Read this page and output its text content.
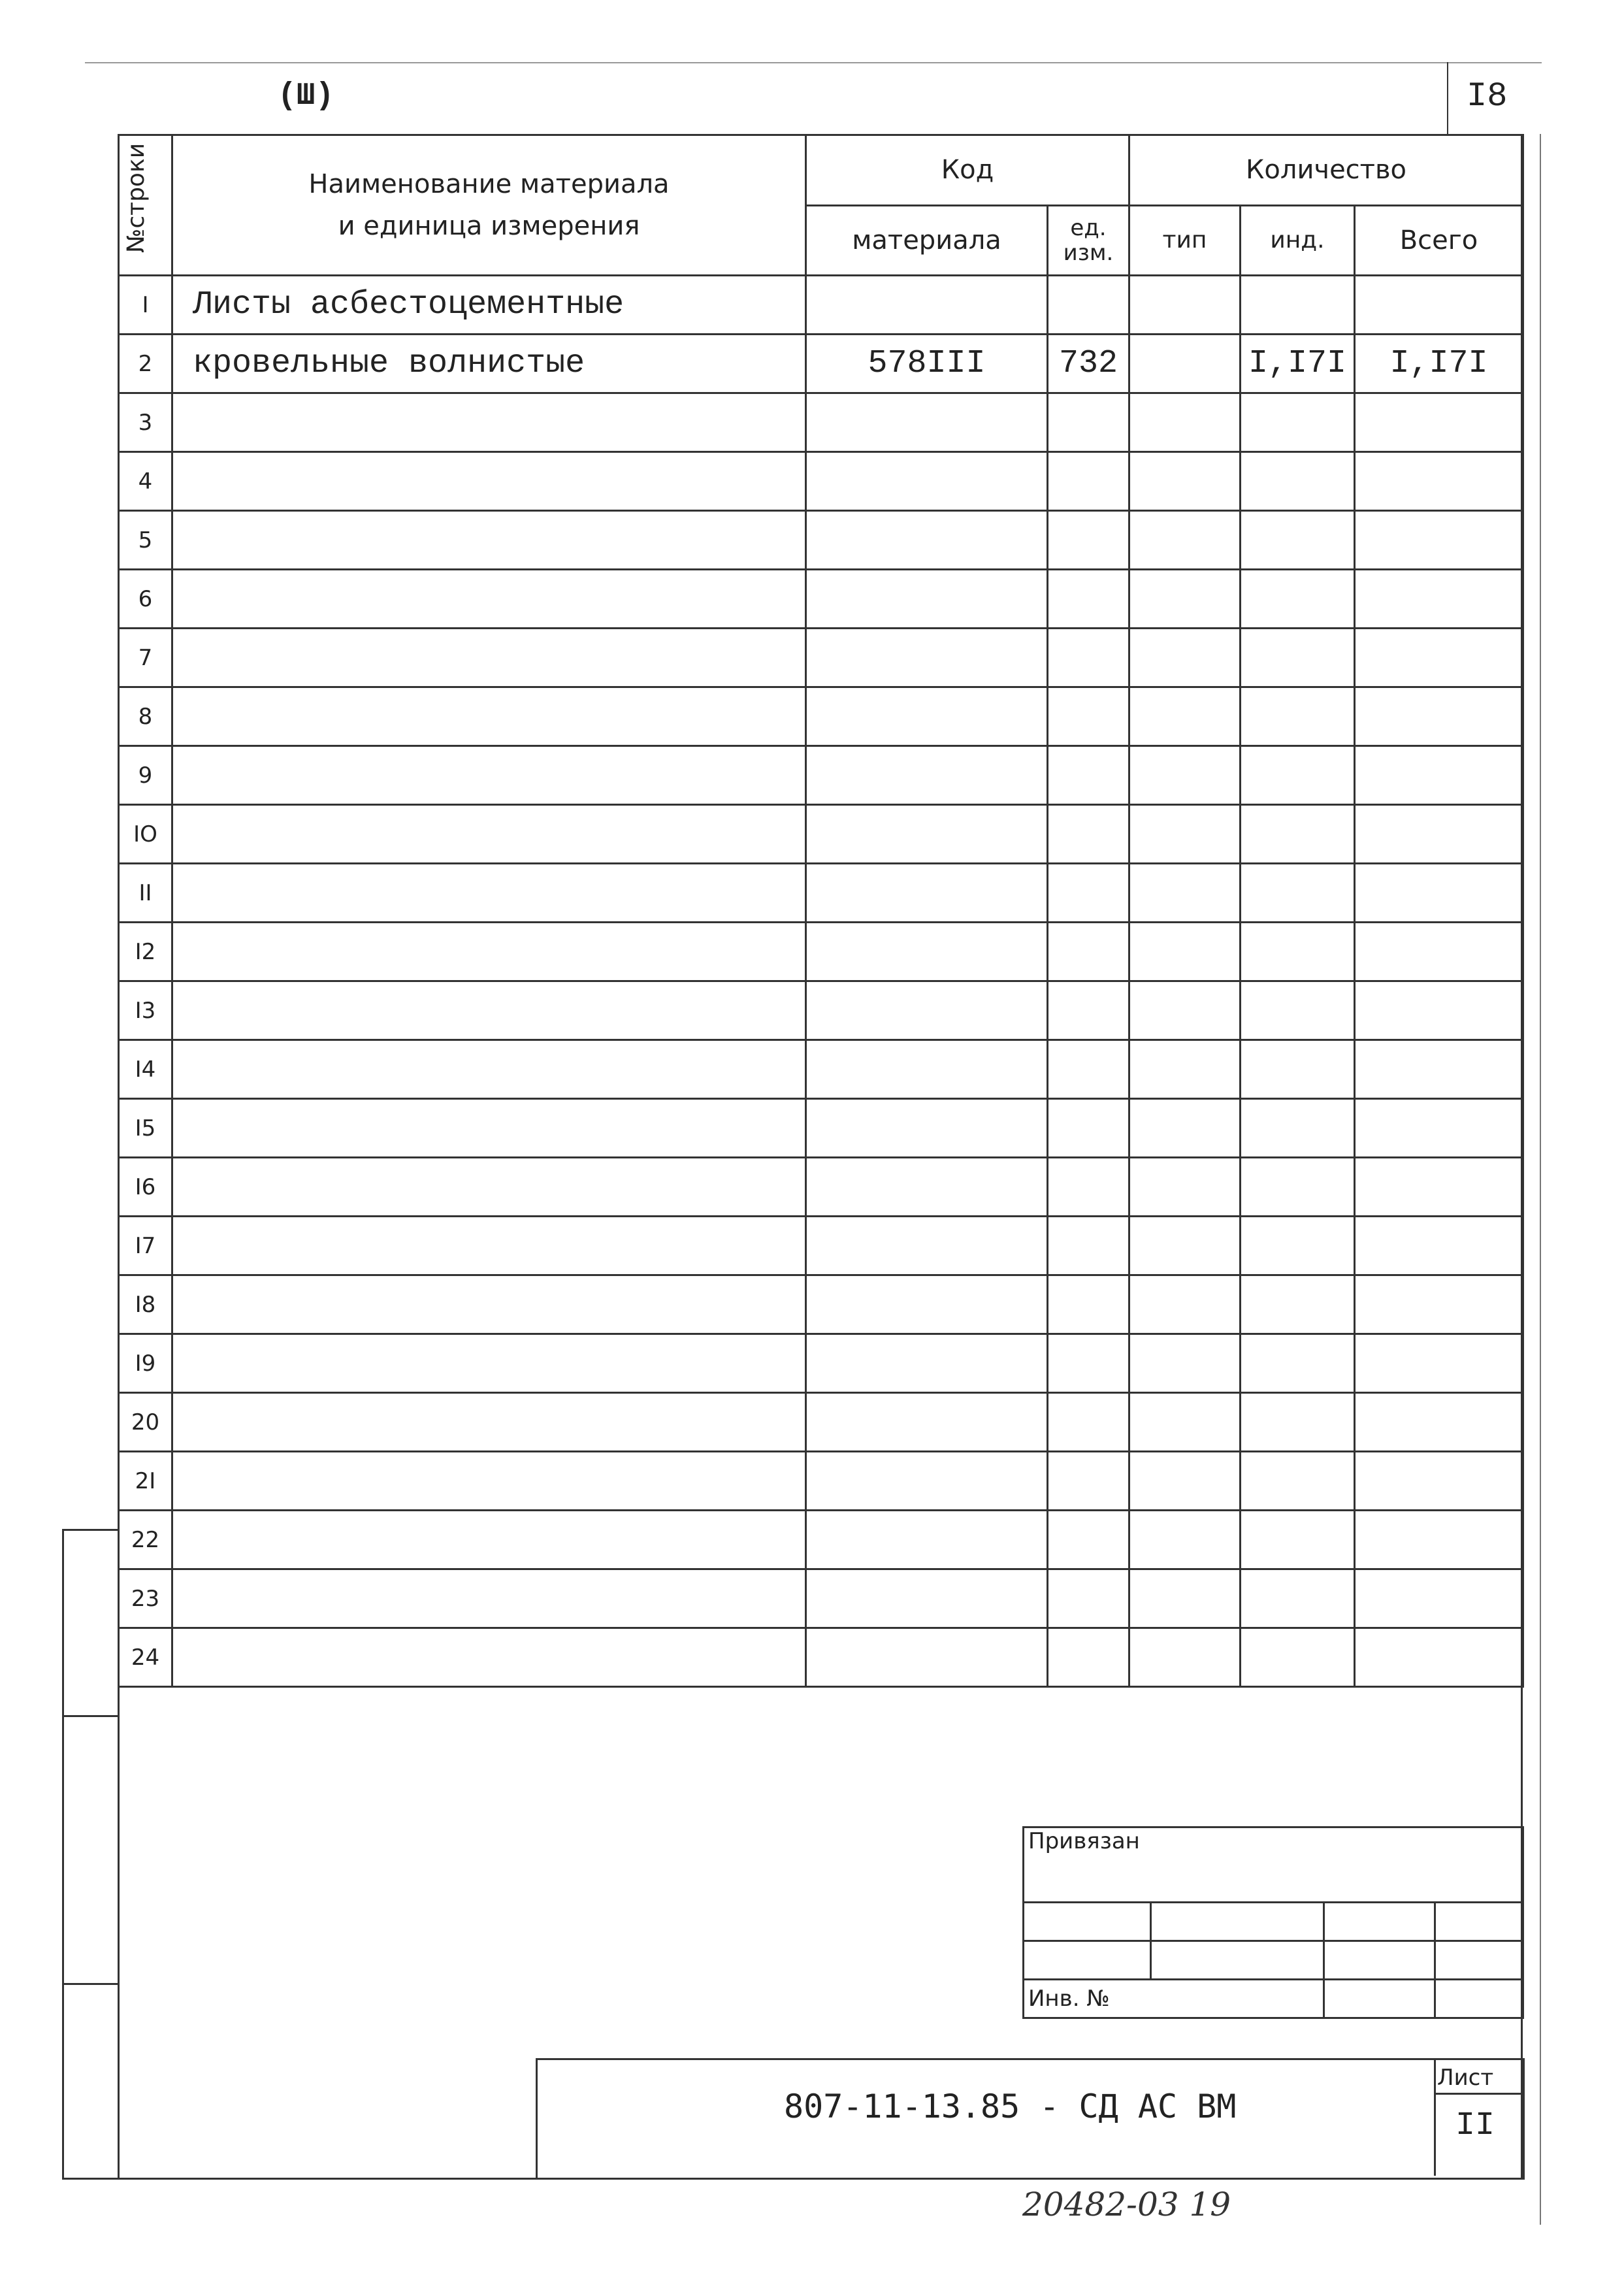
(Ш)	I8
№строки	Наименование материала
и единица измерения	Код		Количество		
		материала	ед. изм.	тип	инд.	Всего
I	Листы асбестоцементные					
2	кровельные волнистые	578III	732		I,I7I	I,I7I
3						
4						
5						
6						
7						
8						
9						
IO						
II						
I2						
I3						
I4						
I5						
I6						
I7						
I8						
I9						
20						
2I						
22						
23						
24						
Привязан			

Инв. №			
807-11-13.85 - СД АС ВМ
Лист
II
20482-03 19
